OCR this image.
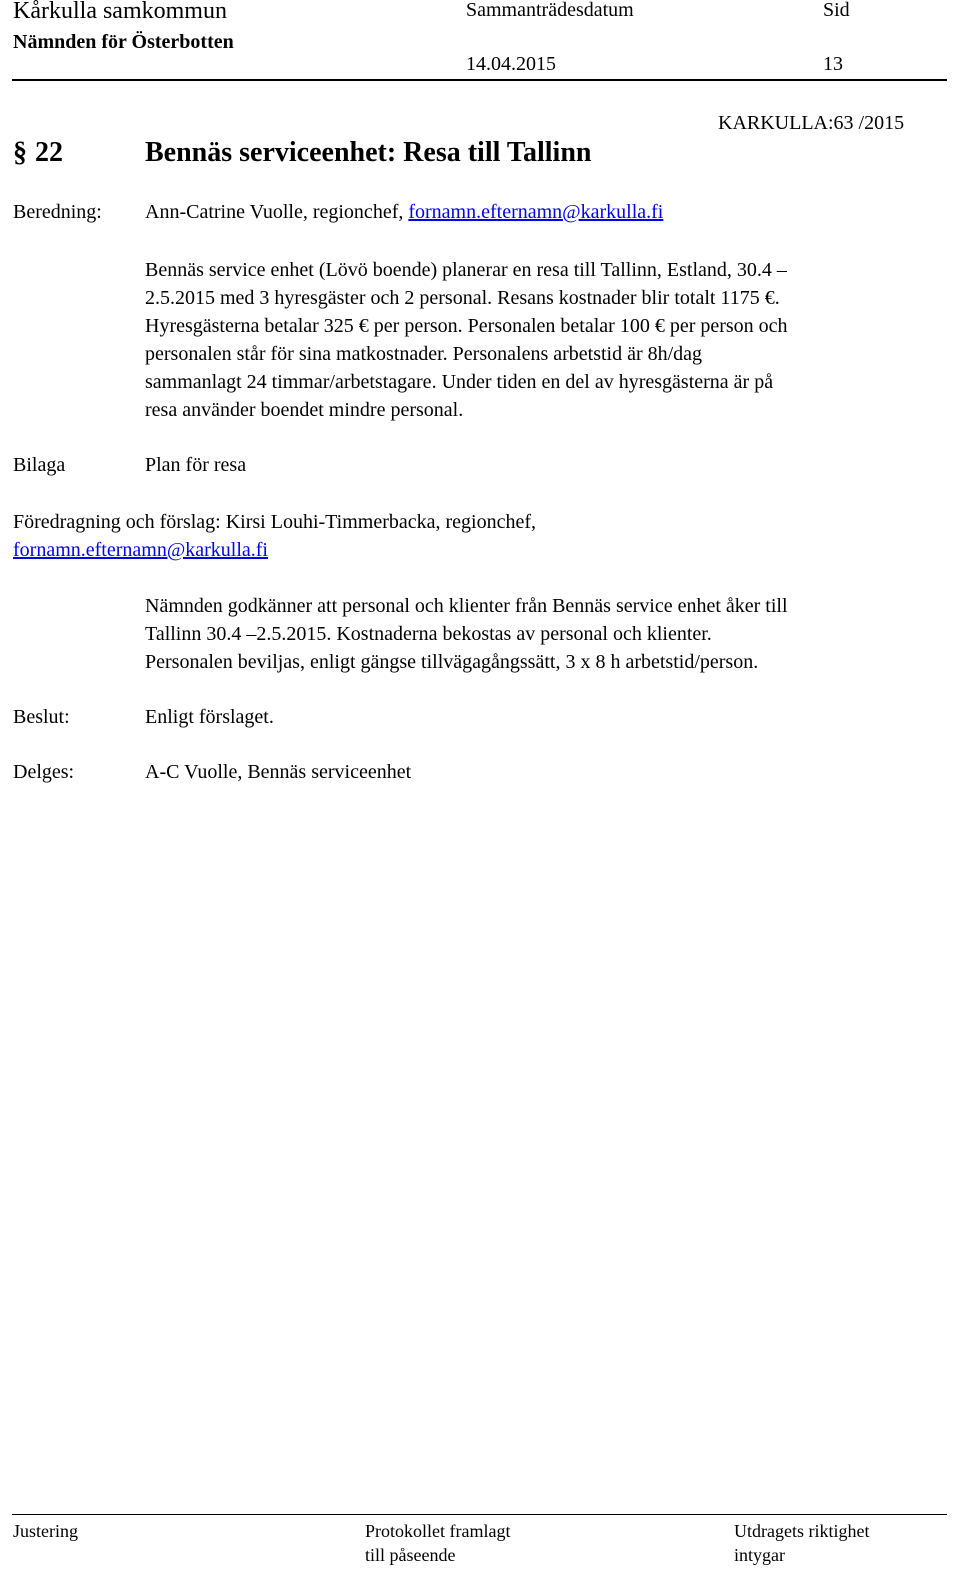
Kårkulla samkommun
Nämnden för Österbotten
Sammanträdesdatum
14.04.2015
Sid
13
KARKULLA:63 /2015
§ 22	Bennäs serviceenhet: Resa till Tallinn
Beredning: Ann-Catrine Vuolle, regionchef, fornamn.efternamn@karkulla.fi
Bennäs service enhet (Lövö boende) planerar en resa till Tallinn, Estland, 30.4 –
2.5.2015 med 3 hyresgäster och 2 personal. Resans kostnader blir totalt 1175 €.
Hyresgästerna betalar 325 € per person. Personalen betalar 100 € per person och
personalen står för sina matkostnader. Personalens arbetstid är 8h/dag
sammanlagt 24 timmar/arbetstagare. Under tiden en del av hyresgästerna är på
resa använder boendet mindre personal.
Bilaga	Plan för resa
Föredragning och förslag: Kirsi Louhi-Timmerbacka, regionchef,
fornamn.efternamn@karkulla.fi
Nämnden godkänner att personal och klienter från Bennäs service enhet åker till
Tallinn 30.4 –2.5.2015. Kostnaderna bekostas av personal och klienter.
Personalen beviljas, enligt gängse tillvägagångssätt, 3 x 8 h arbetstid/person.
Beslut:	Enligt förslaget.
Delges:	A-C Vuolle, Bennäs serviceenhet
Justering	Protokollet framlagt
till påseende
Utdragets riktighet
intygar
